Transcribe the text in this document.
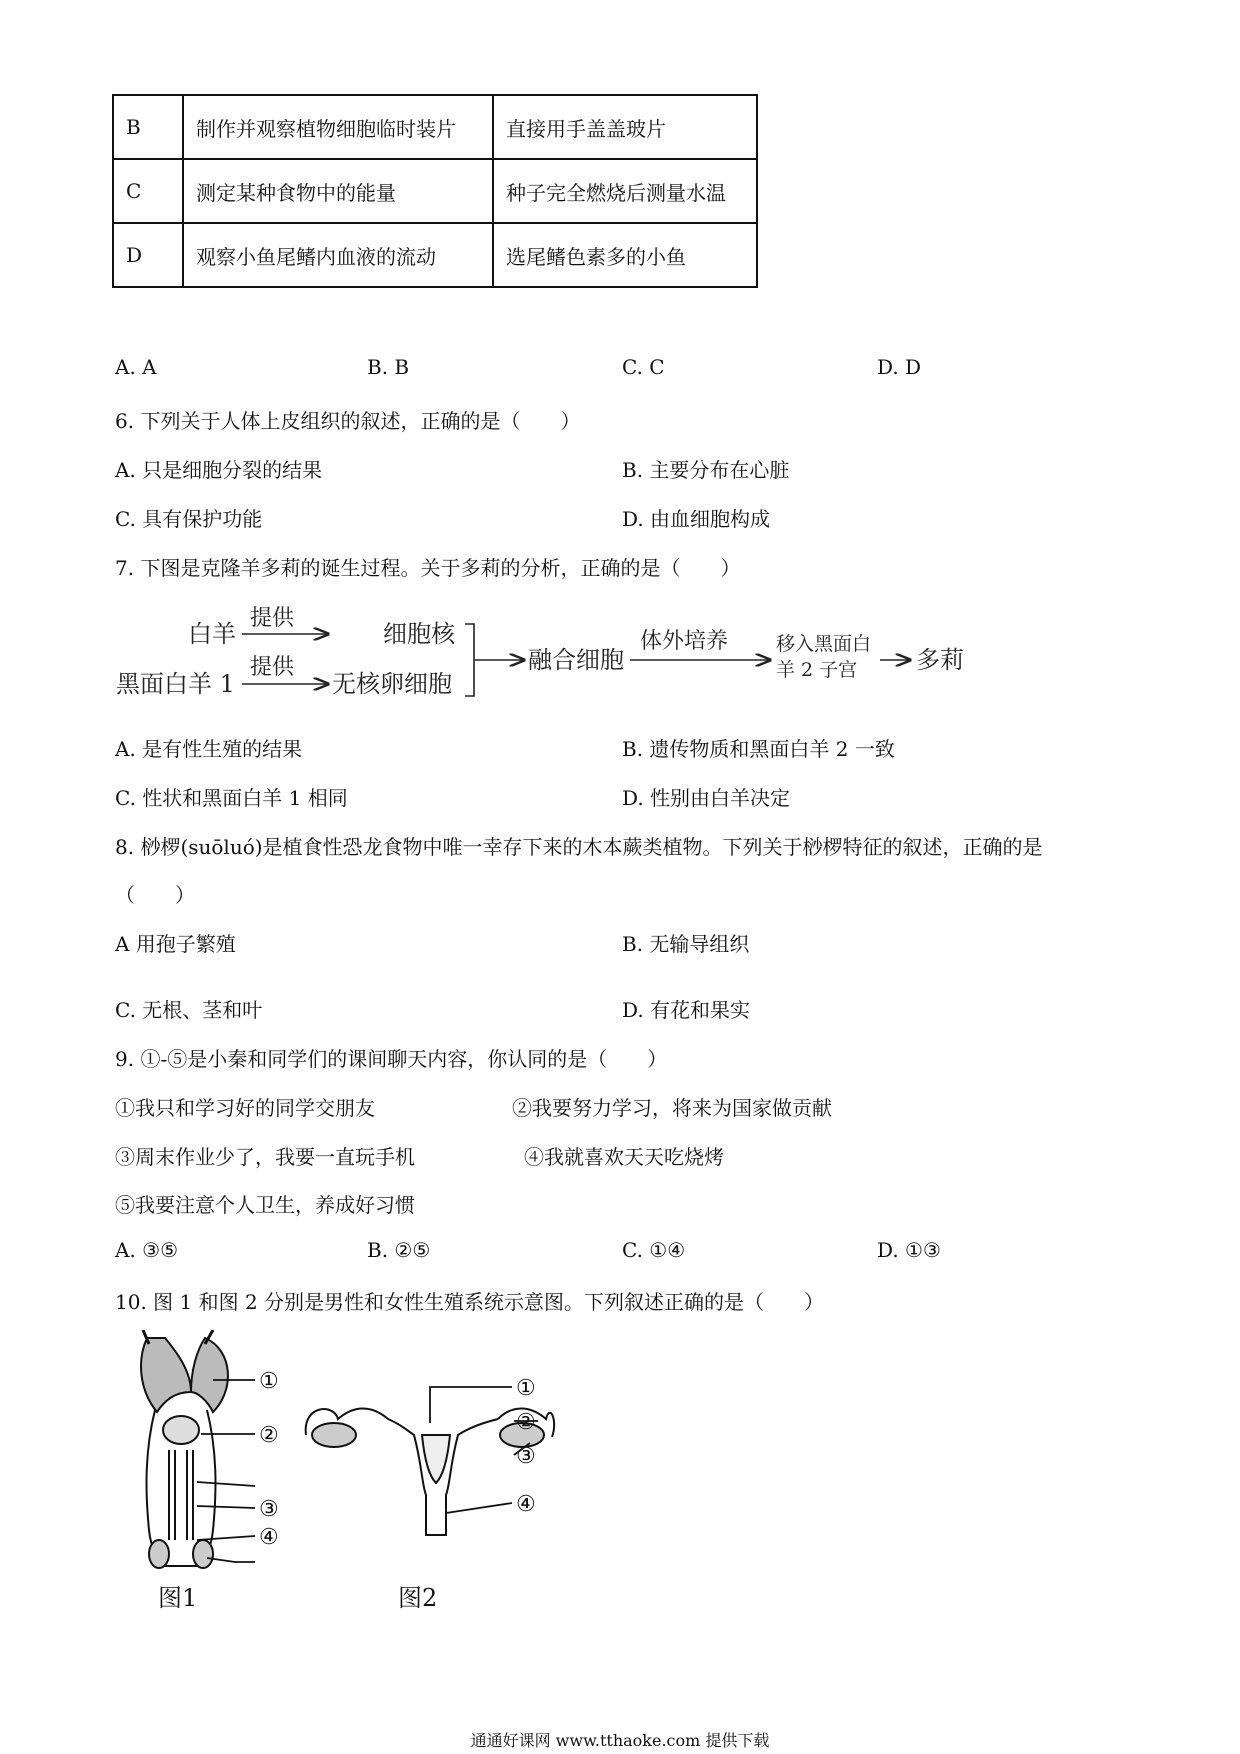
B	制作并观察植物细胞临时装片	直接用手盖盖玻片
C	测定某种食物中的能量	种子完全燃烧后测量水温
D	观察小鱼尾鳍内血液的流动	选尾鳍色素多的小鱼
A. A	B. B	C. C	D. D
6. 下列关于人体上皮组织的叙述，正确的是（　　）
A. 只是细胞分裂的结果	B. 主要分布在心脏
C. 具有保护功能	D. 由血细胞构成
7. 下图是克隆羊多莉的诞生过程。关于多莉的分析，正确的是（　　）
白羊
提供
细胞核
黑面白羊 1
提供
无核卵细胞
融合细胞
体外培养	移入黑面白
羊 2 子宫 多莉
A. 是有性生殖的结果	B. 遗传物质和黑面白羊 2 一致
C. 性状和黑面白羊 1 相同	D. 性别由白羊决定
8. 桫椤(suōluó)是植食性恐龙食物中唯一幸存下来的木本蕨类植物。下列关于桫椤特征的叙述，正确的是
（　　）
A 用孢子繁殖	B. 无输导组织
C. 无根、茎和叶	D. 有花和果实
9. ①-⑤是小秦和同学们的课间聊天内容，你认同的是（　　）
①我只和学习好的同学交朋友	②我要努力学习，将来为国家做贡献
③周末作业少了，我要一直玩手机	④我就喜欢天天吃烧烤
⑤我要注意个人卫生，养成好习惯
A. ③⑤	B. ②⑤	C. ①④	D. ①③
10. 图 1 和图 2 分别是男性和女性生殖系统示意图。下列叙述正确的是（　　）
①
②
③
④
图1
①
②
③
④
图2
通通好课网 www.tthaoke.com 提供下载
